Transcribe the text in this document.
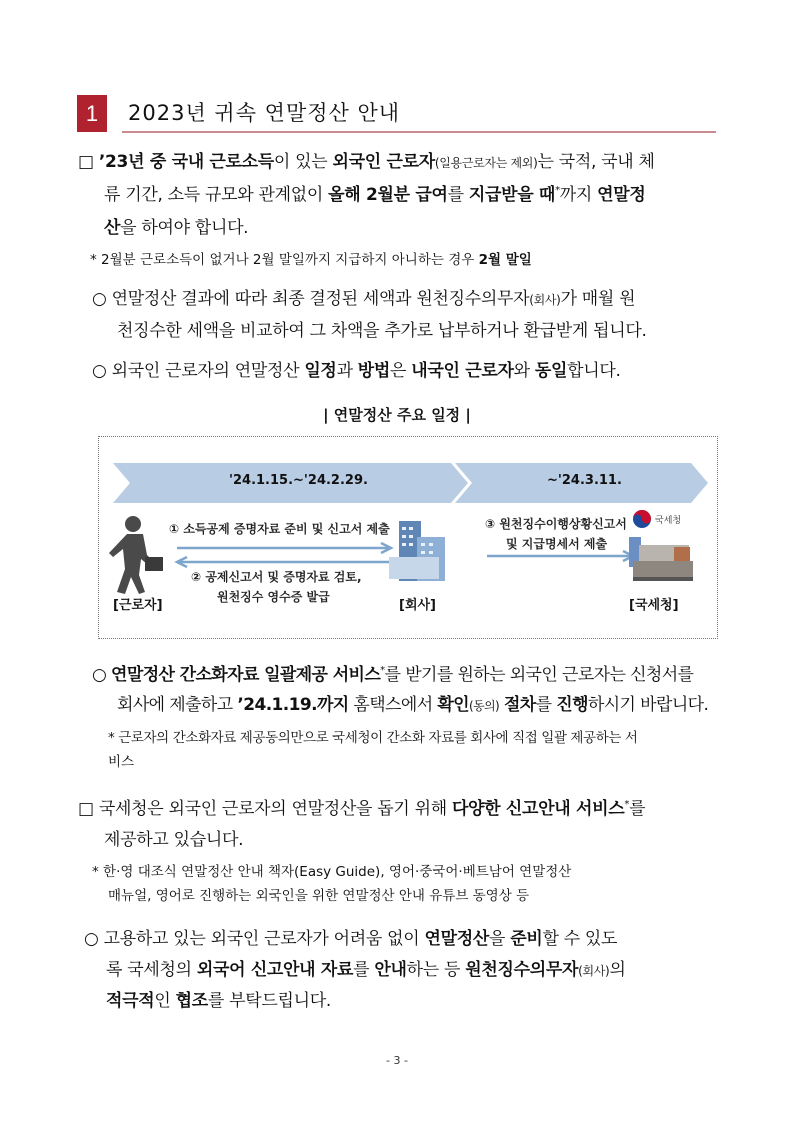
1	2023년 귀속 연말정산 안내
□ ’23년 중 국내 근로소득이 있는 외국인 근로자(일용근로자는 제외)는 국적, 국내 체
류 기간, 소득 규모와 관계없이 올해 2월분 급여를 지급받을 때*까지 연말정
산을 하여야 합니다.
* 2월분 근로소득이 없거나 2월 말일까지 지급하지 아니하는 경우 2월 말일
○ 연말정산 결과에 따라 최종 결정된 세액과 원천징수의무자(회사)가 매월 원
천징수한 세액을 비교하여 그 차액을 추가로 납부하거나 환급받게 됩니다.
○ 외국인 근로자의 연말정산 일정과 방법은 내국인 근로자와 동일합니다.
| 연말정산 주요 일정 |
'24.1.15.~'24.2.29.	~'24.3.11.
① 소득공제 증명자료 준비 및 신고서 제출
② 공제신고서 및 증명자료 검토,
원천징수 영수증 발급
③ 원천징수이행상황신고서
및 지급명세서 제출
국세청
[근로자]	[회사]	[국세청]
○ 연말정산 간소화자료 일괄제공 서비스*를 받기를 원하는 외국인 근로자는 신청서를
회사에 제출하고 ’24.1.19.까지 홈택스에서 확인(동의) 절차를 진행하시기 바랍니다.
* 근로자의 간소화자료 제공동의만으로 국세청이 간소화 자료를 회사에 직접 일괄 제공하는 서
비스
□ 국세청은 외국인 근로자의 연말정산을 돕기 위해 다양한 신고안내 서비스*를
제공하고 있습니다.
* 한·영 대조식 연말정산 안내 책자(Easy Guide), 영어·중국어·베트남어 연말정산
매뉴얼, 영어로 진행하는 외국인을 위한 연말정산 안내 유튜브 동영상 등
○ 고용하고 있는 외국인 근로자가 어려움 없이 연말정산을 준비할 수 있도
록 국세청의 외국어 신고안내 자료를 안내하는 등 원천징수의무자(회사)의
적극적인 협조를 부탁드립니다.
- 3 -
